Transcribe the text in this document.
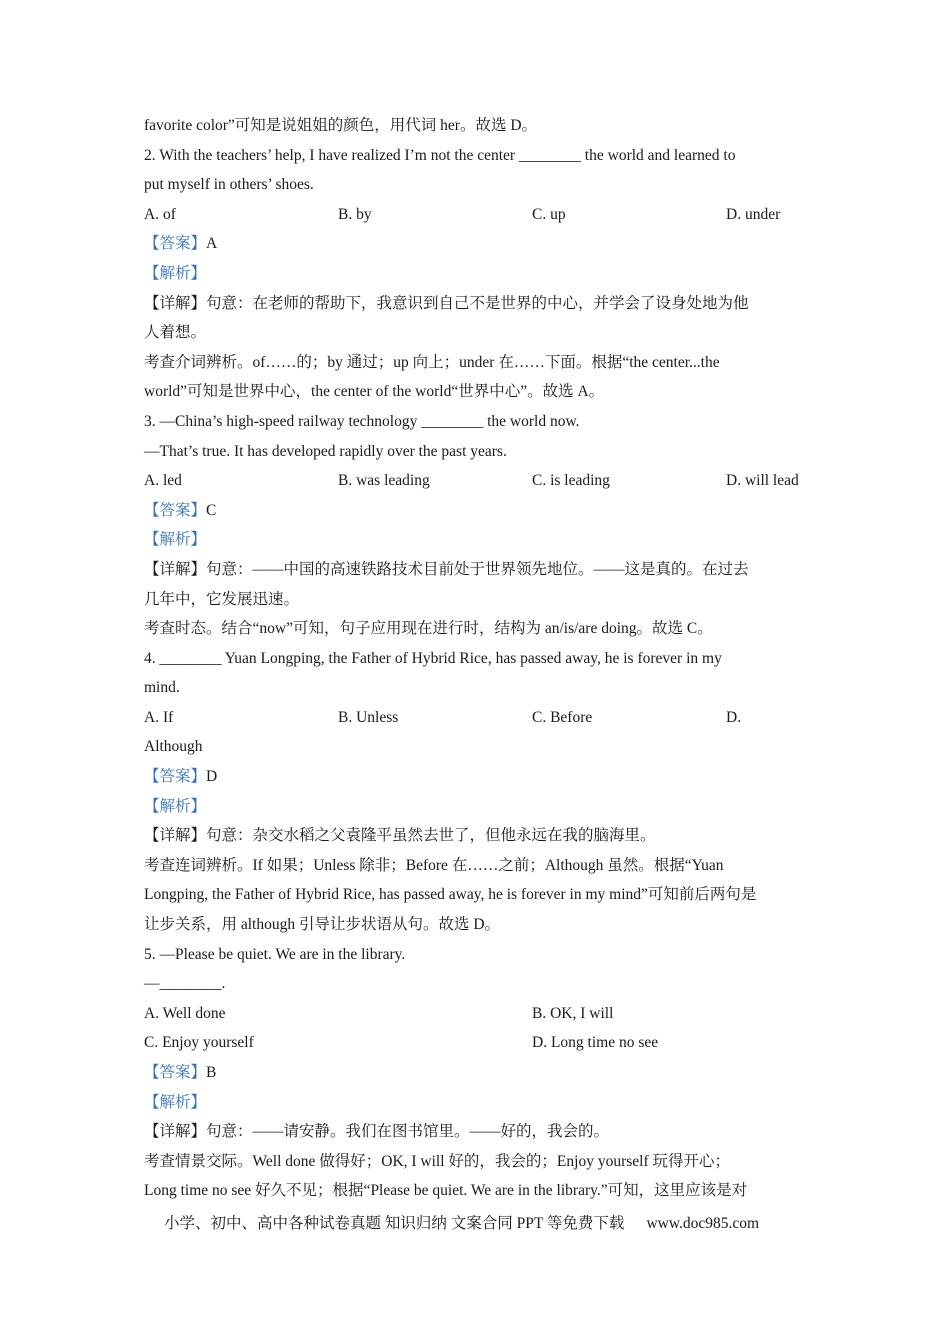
favorite color”可知是说姐姐的颜色，用代词 her。故选 D。
2. With the teachers’ help, I have realized I’m not the center ________ the world and learned to
put myself in others’ shoes.
A. of	B. by	C. up	D. under
【答案】A
【解析】
【详解】句意：在老师的帮助下，我意识到自己不是世界的中心，并学会了设身处地为他
人着想。
考查介词辨析。of……的；by 通过；up 向上；under 在……下面。根据“the center...the
world”可知是世界中心，the center of the world“世界中心”。故选 A。
3. —China’s high-speed railway technology ________ the world now.
—That’s true. It has developed rapidly over the past years.
A. led	B. was leading	C. is leading	D. will lead
【答案】C
【解析】
【详解】句意：——中国的高速铁路技术目前处于世界领先地位。——这是真的。在过去
几年中，它发展迅速。
考查时态。结合“now”可知，句子应用现在进行时，结构为 an/is/are doing。故选 C。
4. ________ Yuan Longping, the Father of Hybrid Rice, has passed away, he is forever in my
mind.
A. If	B. Unless	C. Before	D.
Although
【答案】D
【解析】
【详解】句意：杂交水稻之父袁隆平虽然去世了，但他永远在我的脑海里。
考查连词辨析。If 如果；Unless 除非；Before 在……之前；Although 虽然。根据“Yuan
Longping, the Father of Hybrid Rice, has passed away, he is forever in my mind”可知前后两句是
让步关系，用 although 引导让步状语从句。故选 D。
5. —Please be quiet. We are in the library.
—________.
A. Well done	B. OK, I will
C. Enjoy yourself	D. Long time no see
【答案】B
【解析】
【详解】句意：——请安静。我们在图书馆里。——好的，我会的。
考查情景交际。Well done 做得好；OK, I will 好的，我会的；Enjoy yourself 玩得开心；
Long time no see 好久不见；根据“Please be quiet. We are in the library.”可知，这里应该是对
小学、初中、高中各种试卷真题 知识归纳 文案合同 PPT 等免费下载 www.doc985.com
